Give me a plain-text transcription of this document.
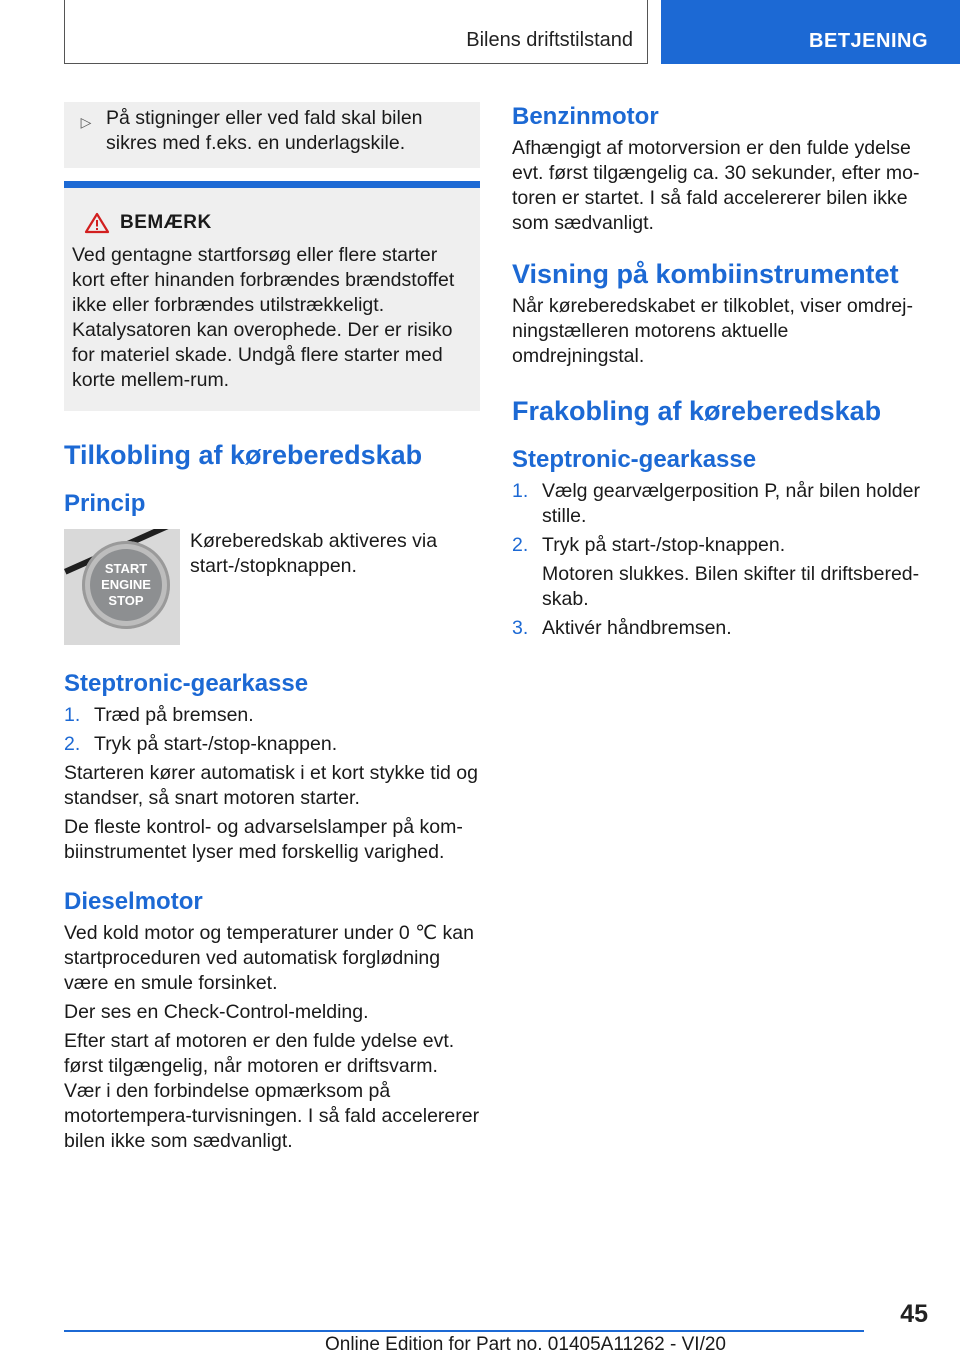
Bilens driftstilstand	BETJENING
▷ På stigninger eller ved fald skal bilen sikres med f.eks. en underlagskile.

BEMÆRK

Ved gentagne startforsøg eller flere starter kort efter hinanden forbrændes brændstoffet ikke eller forbrændes utilstrækkeligt. Katalysatoren kan overophede. Der er risiko for materiel skade. Undgå flere starter med korte mellem-rum.

Tilkobling af køreberedskab
Princip
START
ENGINE
STOP

Køreberedskab aktiveres via start-/stopknappen.

Steptronic-gearkasse
1. Træd på bremsen.
2. Tryk på start-/stop-knappen.

Starteren kører automatisk i et kort stykke tid og standser, så snart motoren starter.

De fleste kontrol- og advarselslamper på kom-biinstrumentet lyser med forskellig varighed.

Dieselmotor

Ved kold motor og temperaturer under 0 ℃ kan startproceduren ved automatisk forglødning være en smule forsinket.

Der ses en Check-Control-melding.

Efter start af motoren er den fulde ydelse evt. først tilgængelig, når motoren er driftsvarm. Vær i den forbindelse opmærksom på motortempera-turvisningen. I så fald accelererer bilen ikke som sædvanligt.

Benzinmotor

Afhængigt af motorversion er den fulde ydelse evt. først tilgængelig ca. 30 sekunder, efter mo-toren er startet. I så fald accelererer bilen ikke som sædvanligt.

Visning på kombiinstrumentet

Når køreberedskabet er tilkoblet, viser omdrej-ningstælleren motorens aktuelle omdrejningstal.

Frakobling af køreberedskab
Steptronic-gearkasse
1. Vælg gearvælgerposition P, når bilen holder stille.
2. Tryk på start-/stop-knappen.
Motoren slukkes. Bilen skifter til driftsbered-skab.
3. Aktivér håndbremsen.
45
Online Edition for Part no. 01405A11262 - VI/20
